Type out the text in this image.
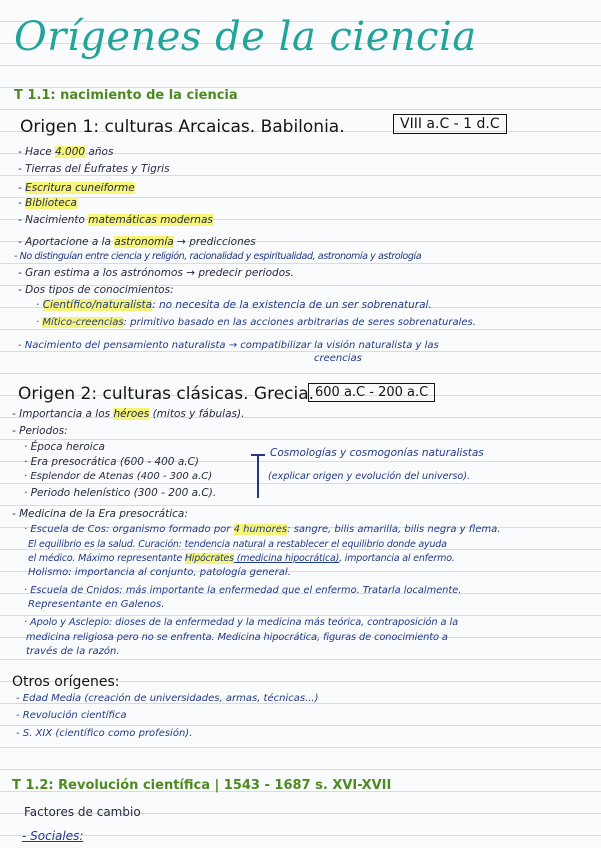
Orígenes de la ciencia
T 1.1: nacimiento de la ciencia
Origen 1: culturas Arcaicas. Babilonia.	VIII a.C - 1 d.C
- Hace 4.000 años
- Tierras del Éufrates y Tigris
- Escritura cuneiforme
- Biblioteca
- Nacimiento matemáticas modernas
- Aportacione a la astronomía → predicciones
- No distinguían entre ciencia y religión, racionalidad y espiritualidad, astronomía y astrología
- Gran estima a los astrónomos → predecir periodos.
- Dos tipos de conocimientos:
· Científico/naturalista: no necesita de la existencia de un ser sobrenatural.
· Mítico-creencias: primitivo basado en las acciones arbitrarias de seres sobrenaturales.
- Nacimiento del pensamiento naturalista → compatibilizar la visión naturalista y las
creencias
Origen 2: culturas clásicas. Grecia. 600 a.C - 200 a.C
- Importancia a los héroes (mitos y fábulas).
- Periodos:
· Época heroica
· Era presocrática (600 - 400 a.C)
· Esplendor de Atenas (400 - 300 a.C)
· Periodo helenístico (300 - 200 a.C).
Cosmologías y cosmogonías naturalistas
(explicar origen y evolución del universo).
- Medicina de la Era presocrática:
· Escuela de Cos: organismo formado por 4 humores: sangre, bilis amarilla, bilis negra y flema.
El equilibrio es la salud. Curación: tendencia natural a restablecer el equilibrio donde ayuda
el médico. Máximo representante Hipócrates (medicina hipocrática), importancia al enfermo.
Holismo: importancia al conjunto, patología general.
· Escuela de Cnidos: más importante la enfermedad que el enfermo. Tratarla localmente.
Representante en Galenos.
· Apolo y Asclepio: dioses de la enfermedad y la medicina más teórica, contraposición a la
medicina religiosa pero no se enfrenta. Medicina hipocrática, figuras de conocimiento a
través de la razón.
Otros orígenes:
- Edad Media (creación de universidades, armas, técnicas...)
- Revolución científica
- S. XIX (científico como profesión).
T 1.2: Revolución científica | 1543 - 1687 s. XVI-XVII
Factores de cambio
- Sociales:
